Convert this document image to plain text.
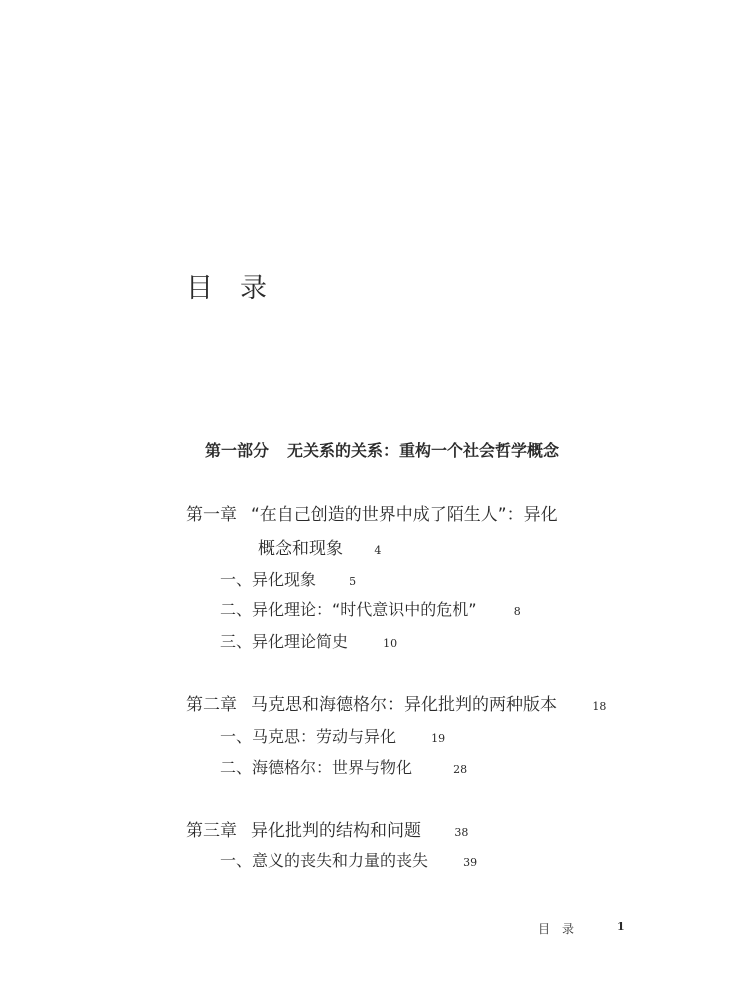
目　录
第一部分 无关系的关系：重构一个社会哲学概念
第一章 “在自己创造的世界中成了陌生人”：异化
概念和现象	4
一、异化现象	5
二、异化理论：“时代意识中的危机”	8
三、异化理论简史	10
第二章 马克思和海德格尔：异化批判的两种版本	18
一、马克思：劳动与异化	19
二、海德格尔：世界与物化	28
第三章 异化批判的结构和问题	38
一、意义的丧失和力量的丧失	39
目　录	1
